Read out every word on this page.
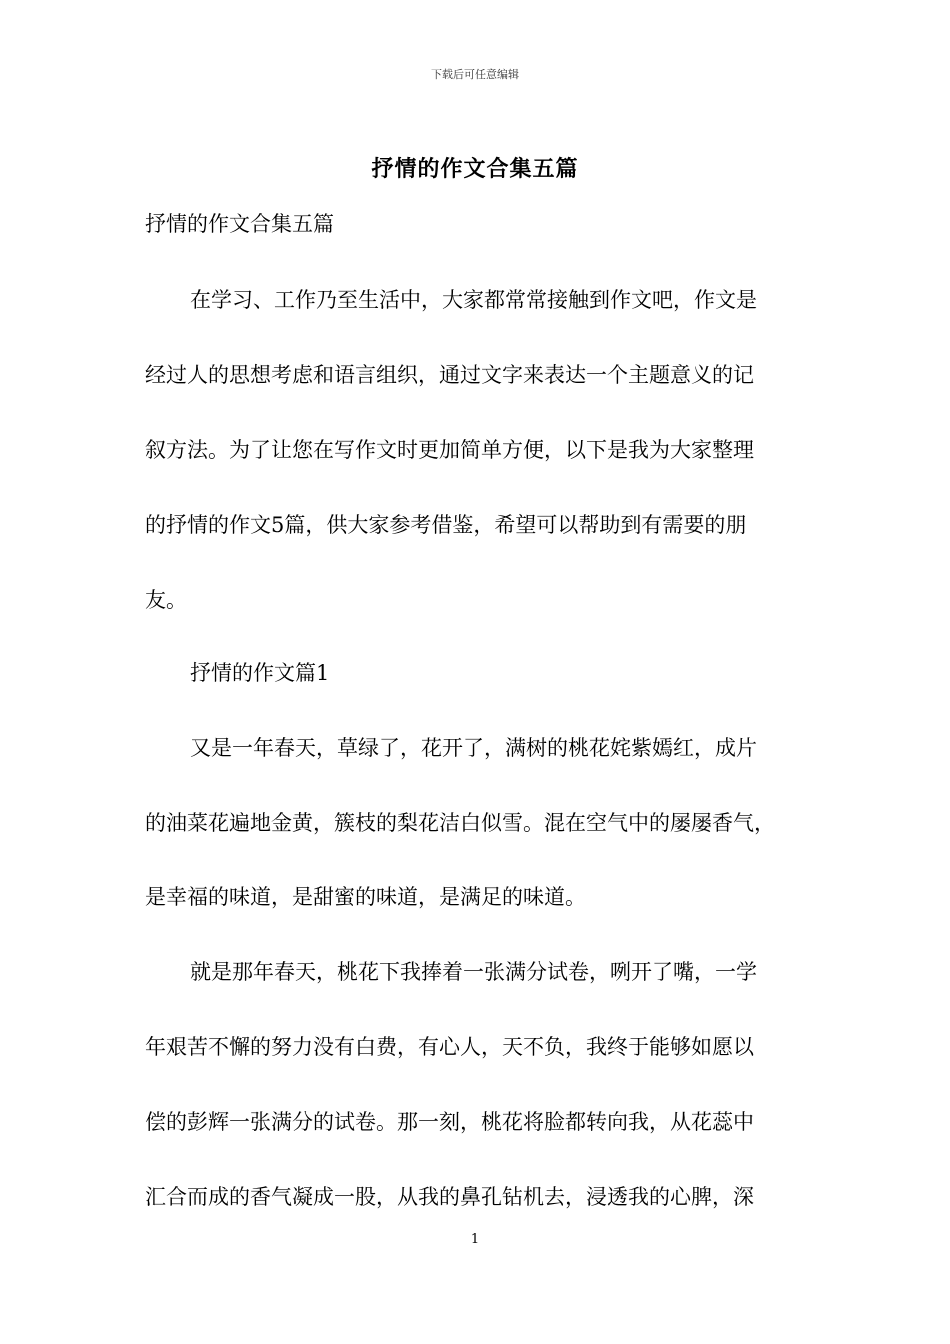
下载后可任意编辑
抒情的作文合集五篇
抒情的作文合集五篇
在学习、工作乃至生活中，大家都常常接触到作文吧，作文是
经过人的思想考虑和语言组织，通过文字来表达一个主题意义的记
叙方法。为了让您在写作文时更加简单方便，以下是我为大家整理
的抒情的作文5篇，供大家参考借鉴，希望可以帮助到有需要的朋
友。
抒情的作文篇1
又是一年春天，草绿了，花开了，满树的桃花姹紫嫣红，成片
的油菜花遍地金黄，簇枝的梨花洁白似雪。混在空气中的屡屡香气，
是幸福的味道，是甜蜜的味道，是满足的味道。
就是那年春天，桃花下我捧着一张满分试卷，咧开了嘴，一学
年艰苦不懈的努力没有白费，有心人，天不负，我终于能够如愿以
偿的彭辉一张满分的试卷。那一刻，桃花将脸都转向我，从花蕊中
汇合而成的香气凝成一股，从我的鼻孔钻机去，浸透我的心脾，深
1
